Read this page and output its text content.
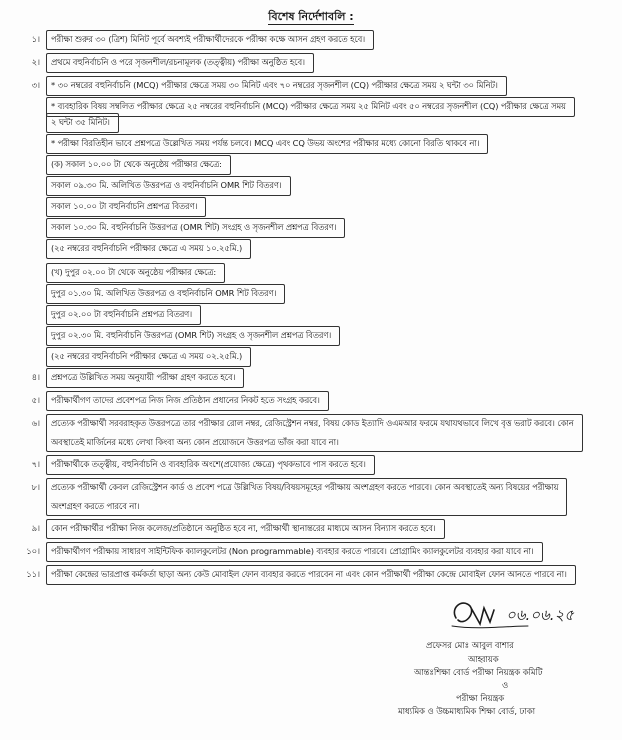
বিশেষ নির্দেশাবলি :
১। পরীক্ষা শুরুর ৩০ (ত্রিশ) মিনিট পূর্বে অবশ্যই পরীক্ষার্থীদেরকে পরীক্ষা কক্ষে আসন গ্রহণ করতে হবে।
২। প্রথমে বহুনির্বাচনি ও পরে সৃজনশীল/রচনামূলক (তত্ত্বীয়) পরীক্ষা অনুষ্ঠিত হবে।
৩। * ৩০ নম্বরের বহুনির্বাচনি (MCQ) পরীক্ষার ক্ষেত্রে সময় ৩০ মিনিট এবং ৭০ নম্বরের সৃজনশীল (CQ) পরীক্ষার ক্ষেত্রে সময় ২ ঘন্টা ৩০ মিনিট।
* ব্যবহারিক বিষয় সম্বলিত পরীক্ষার ক্ষেত্রে ২৫ নম্বরের বহুনির্বাচনি (MCQ) পরীক্ষার ক্ষেত্রে সময় ২৫ মিনিট এবং ৫০ নম্বরের সৃজনশীল (CQ) পরীক্ষার ক্ষেত্রে সময়
২ ঘন্টা ৩৫ মিনিট।
* পরীক্ষা বিরতিহীন ভাবে প্রশ্নপত্রে উল্লেখিত সময় পর্যন্ত চলবে। MCQ এবং CQ উভয় অংশের পরীক্ষার মধ্যে কোনো বিরতি থাকবে না।
(ক) সকাল ১০.০০ টা থেকে অনুষ্ঠেয় পরীক্ষার ক্ষেত্রে:
সকাল ০৯.৩০ মি. অলিখিত উত্তরপত্র ও বহুনির্বাচনি OMR শিট বিতরণ।
সকাল ১০.০০ টা বহুনির্বাচনি প্রশ্নপত্র বিতরণ।
সকাল ১০.৩০ মি. বহুনির্বাচনি উত্তরপত্র (OMR শিট) সংগ্রহ ও সৃজনশীল প্রশ্নপত্র বিতরণ।
(২৫ নম্বরের বহুনির্বাচনি পরীক্ষার ক্ষেত্রে এ সময় ১০.২৫মি.)
(খ) দুপুর ০২.০০ টা থেকে অনুষ্ঠেয় পরীক্ষার ক্ষেত্রে:
দুপুর ০১.৩০ মি. অলিখিত উত্তরপত্র ও বহুনির্বাচনি OMR শিট বিতরণ।
দুপুর ০২.০০ টা বহুনির্বাচনি প্রশ্নপত্র বিতরণ।
দুপুর ০২.৩০ মি. বহুনির্বাচনি উত্তরপত্র (OMR শিট) সংগ্রহ ও সৃজনশীল প্রশ্নপত্র বিতরণ।
(২৫ নম্বরের বহুনির্বাচনি পরীক্ষার ক্ষেত্রে এ সময় ০২.২৫মি.)
৪। প্রশ্নপত্রে উল্লিখিত সময় অনুযায়ী পরীক্ষা গ্রহণ করতে হবে।
৫। পরীক্ষার্থীগণ তাদের প্রবেশপত্র নিজ নিজ প্রতিষ্ঠান প্রধানের নিকট হতে সংগ্রহ করবে।
৬। প্রত্যেক পরীক্ষার্থী সরবরাহকৃত উত্তরপত্রে তার পরীক্ষার রোল নম্বর, রেজিস্ট্রেশন নম্বর, বিষয় কোড ইত্যাদি ওএমআর ফরমে যথাযথভাবে লিখে বৃত্ত ভরাট করবে। কোন
অবস্থাতেই মার্জিনের মধ্যে লেখা কিংবা অন্য কোন প্রয়োজনে উত্তরপত্র ভাঁজ করা যাবে না।
৭। পরীক্ষার্থীকে তত্ত্বীয়, বহুনির্বাচনি ও ব্যবহারিক অংশে(প্রযোজ্য ক্ষেত্রে) পৃথকভাবে পাস করতে হবে।
৮। প্রত্যেক পরীক্ষার্থী কেবল রেজিস্ট্রেশন কার্ড ও প্রবেশ পত্রে উল্লিখিত বিষয়/বিষয়সমূহের পরীক্ষায় অংশগ্রহণ করতে পারবে। কোন অবস্থাতেই অন্য বিষয়ের পরীক্ষায়
অংশগ্রহণ করতে পারবে না।
৯। কোন পরীক্ষার্থীর পরীক্ষা নিজ কলেজ/প্রতিষ্ঠানে অনুষ্ঠিত হবে না, পরীক্ষার্থী স্থানান্তরের মাধ্যমে আসন বিন্যাস করতে হবে।
১০। পরীক্ষার্থীগণ পরীক্ষায় সাধারণ সাইন্টিফিক ক্যালকুলেটর (Non programmable) ব্যবহার করতে পারবে। প্রোগ্রামিং ক্যালকুলেটর ব্যবহার করা যাবে না।
১১। পরীক্ষা কেন্দ্রের ভারপ্রাপ্ত কর্মকর্তা ছাড়া অন্য কেউ মোবাইল ফোন ব্যবহার করতে পারবেন না এবং কোন পরীক্ষার্থী পরীক্ষা কেন্দ্রে মোবাইল ফোন আনতে পারবে না।
০৬.০৬.২৫
প্রফেসর মোঃ আবুল বাশার
আহ্বায়ক
আন্তঃশিক্ষা বোর্ড পরীক্ষা নিয়ন্ত্রক কমিটি
ও
পরীক্ষা নিয়ন্ত্রক
মাধ্যমিক ও উচ্চমাধ্যমিক শিক্ষা বোর্ড, ঢাকা
